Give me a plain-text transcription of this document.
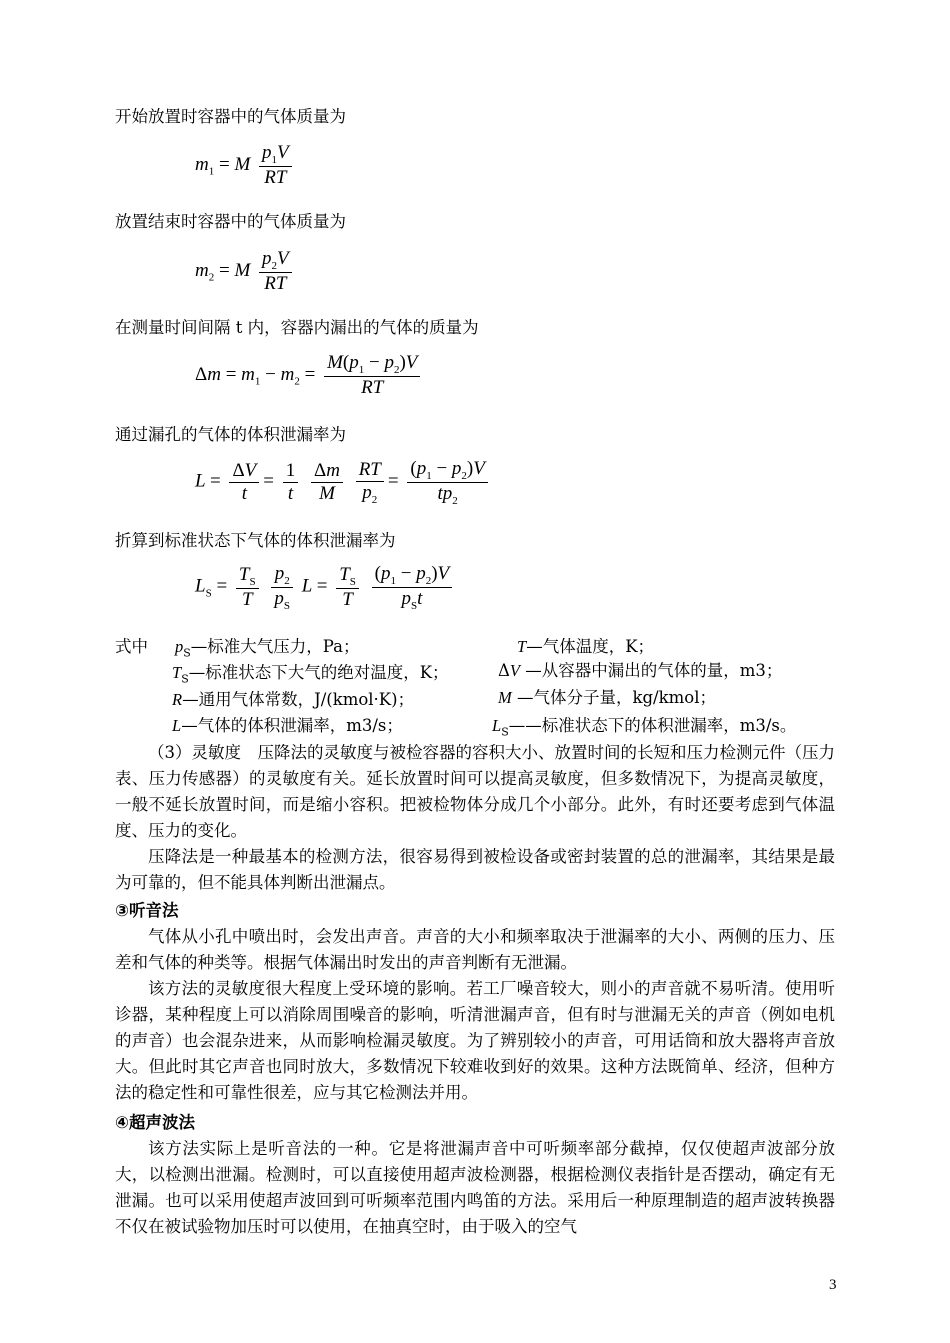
开始放置时容器中的气体质量为
$m_1 = M \frac{p_1V}{RT}$
放置结束时容器中的气体质量为
$m_2 = M \frac{p_2V}{RT}$
在测量时间间隔 t 内，容器内漏出的气体的质量为
$\Delta m = m_1 - m_2 = \frac{M(p_1 - p_2)V}{RT}$
通过漏孔的气体的体积泄漏率为
$L = \frac{\Delta V}{t} = \frac{1}{t}$
$\frac{\Delta m}{M}$
$\frac{RT}{p_2} = \frac{(p_1 - p_2)V}{tp_2}$
折算到标准状态下气体的体积泄漏率为
$L_S = \frac{T_S}{T}$
$\frac{p_2}{p_S}$ $L = \frac{T_S}{T}$
$\frac{(p_1 - p_2)V}{p_St}$
式中 $p_S—$标准大气压力，Pa；	T—气体温度，K；
$T_S—$标准状态下大气的绝对温度，K；	ΔV —从容器中漏出的气体的量，m3；
R—通用气体常数，J/(kmol·K)；	M —气体分子量，kg/kmol；
L—气体的体积泄漏率，m3/s；	$L_S——$标准状态下的体积泄漏率，m3/s。
（3）灵敏度　压降法的灵敏度与被检容器的容积大小、放置时间的长短和压力检测元件（压力表、压力传感器）的灵敏度有关。延长放置时间可以提高灵敏度，但多数情况下，为提高灵敏度，一般不延长放置时间，而是缩小容积。把被检物体分成几个小部分。此外，有时还要考虑到气体温度、压力的变化。
压降法是一种最基本的检测方法，很容易得到被检设备或密封装置的总的泄漏率，其结果是最为可靠的，但不能具体判断出泄漏点。
③听音法
气体从小孔中喷出时，会发出声音。声音的大小和频率取决于泄漏率的大小、两侧的压力、压差和气体的种类等。根据气体漏出时发出的声音判断有无泄漏。
该方法的灵敏度很大程度上受环境的影响。若工厂噪音较大，则小的声音就不易听清。使用听诊器，某种程度上可以消除周围噪音的影响，听清泄漏声音，但有时与泄漏无关的声音（例如电机的声音）也会混杂进来，从而影响检漏灵敏度。为了辨别较小的声音，可用话筒和放大器将声音放大。但此时其它声音也同时放大，多数情况下较难收到好的效果。这种方法既简单、经济，但种方法的稳定性和可靠性很差，应与其它检测法并用。
④超声波法
该方法实际上是听音法的一种。它是将泄漏声音中可听频率部分截掉，仅仅使超声波部分放大，以检测出泄漏。检测时，可以直接使用超声波检测器，根据检测仪表指针是否摆动，确定有无泄漏。也可以采用使超声波回到可听频率范围内鸣笛的方法。采用后一种原理制造的超声波转换器不仅在被试验物加压时可以使用，在抽真空时，由于吸入的空气
3
